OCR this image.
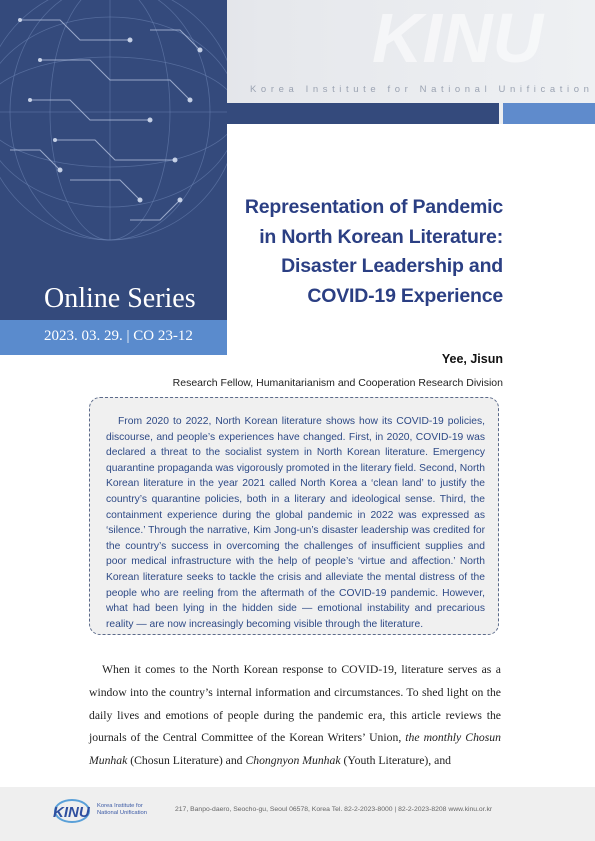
KINU
Online Series
Korea Institute for National Unification
2023. 03. 29. | CO 23-12
Representation of Pandemic
in North Korean Literature:
Disaster Leadership and
COVID-19 Experience
Yee, Jisun
Research Fellow, Humanitarianism and Cooperation Research Division

From 2020 to 2022, North Korean literature shows how its COVID-19 policies, discourse, and people’s experiences have changed. First, in 2020, COVID-19 was declared a threat to the socialist system in North Korean literature. Emergency quarantine propaganda was vigorously promoted in the literary field. Second, North Korean literature in the year 2021 called North Korea a ‘clean land’ to justify the country’s quarantine policies, both in a literary and ideological sense. Third, the containment experience during the global pandemic in 2022 was expressed as ‘silence.’ Through the narrative, Kim Jong-un’s disaster leadership was credited for the country’s success in overcoming the challenges of insufficient supplies and poor medical infrastructure with the help of people’s ‘virtue and affection.’ North Korean literature seeks to tackle the crisis and alleviate the mental distress of the people who are reeling from the aftermath of the COVID-19 pandemic. However, what had been lying in the hidden side — emotional instability and precarious reality — are now increasingly becoming visible through the literature.

When it comes to the North Korean response to COVID-19, literature serves as a window into the country’s internal information and circumstances. To shed light on the daily lives and emotions of people during the pandemic era, this article reviews the journals of the Central Committee of the Korean Writers’ Union, the monthly Chosun Munhak (Chosun Literature) and Chongnyon Munhak (Youth Literature), and

KINU Korea Institute for
National Unification	217, Banpo-daero, Seocho-gu, Seoul 06578, Korea Tel. 82-2-2023-8000 | 82-2-2023-8208 www.kinu.or.kr
